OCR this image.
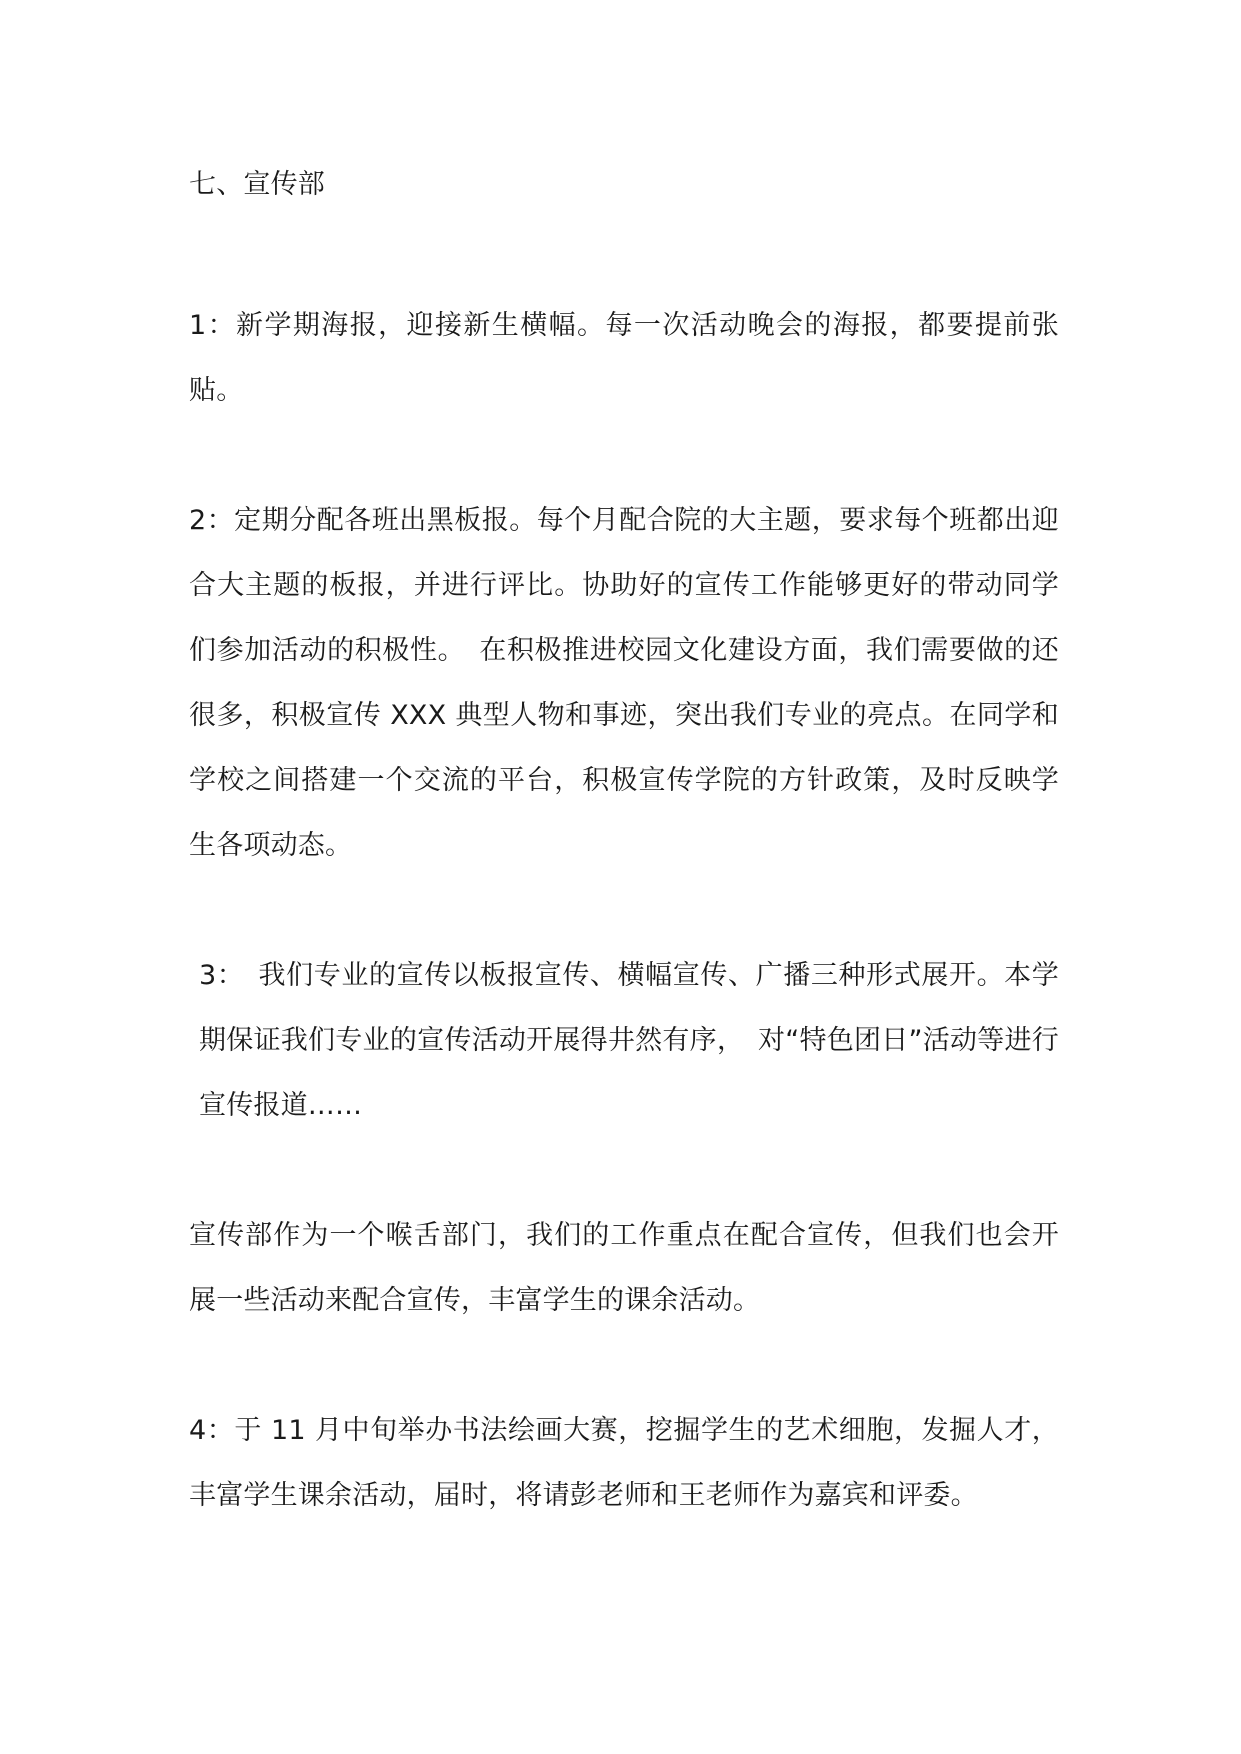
七、宣传部

1：新学期海报，迎接新生横幅。每一次活动晚会的海报，都要提前张贴。

2：定期分配各班出黑板报。每个月配合院的大主题，要求每个班都出迎合大主题的板报，并进行评比。协助好的宣传工作能够更好的带动同学们参加活动的积极性。　在积极推进校园文化建设方面，我们需要做的还很多，积极宣传 XXX 典型人物和事迹，突出我们专业的亮点。在同学和学校之间搭建一个交流的平台，积极宣传学院的方针政策，及时反映学生各项动态。

3：　我们专业的宣传以板报宣传、横幅宣传、广播三种形式展开。本学期保证我们专业的宣传活动开展得井然有序，　对“特色团日”活动等进行宣传报道……

宣传部作为一个喉舌部门，我们的工作重点在配合宣传，但我们也会开展一些活动来配合宣传，丰富学生的课余活动。

4：于 11 月中旬举办书法绘画大赛，挖掘学生的艺术细胞，发掘人才，丰富学生课余活动，届时，将请彭老师和王老师作为嘉宾和评委。
